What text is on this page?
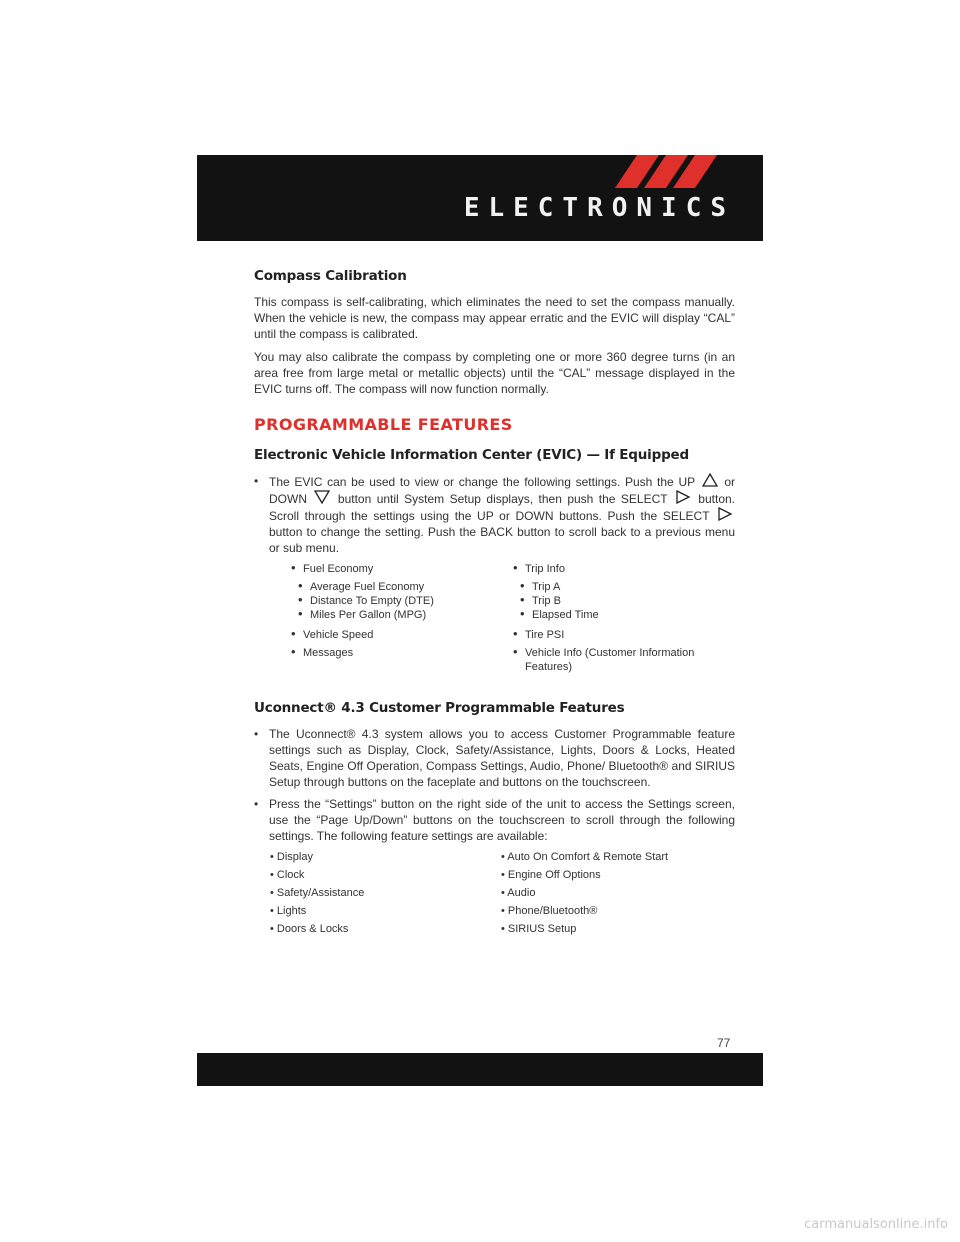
ELECTRONICS
Compass Calibration

This compass is self-calibrating, which eliminates the need to set the compass manually. When the vehicle is new, the compass may appear erratic and the EVIC will display “CAL” until the compass is calibrated.

You may also calibrate the compass by completing one or more 360 degree turns (in an area free from large metal or metallic objects) until the “CAL” message displayed in the EVIC turns off. The compass will now function normally.

PROGRAMMABLE FEATURES
Electronic Vehicle Information Center (EVIC) — If Equipped
• The EVIC can be used to view or change the following settings. Push the UP or DOWN	button until System Setup displays, then push the SELECT	button. Scroll through the settings using the UP or DOWN buttons. Push the SELECT  button to change the setting. Push the BACK button to scroll back to a previous menu or sub menu.
• Fuel Economy
• Average Fuel Economy
• Distance To Empty (DTE)
• Miles Per Gallon (MPG)
• Vehicle Speed
• Messages
• Trip Info
• Trip A
• Trip B
• Elapsed Time
• Tire PSI
• Vehicle Info (Customer Information Features)
Uconnect® 4.3 Customer Programmable Features
• The Uconnect® 4.3 system allows you to access Customer Programmable feature settings such as Display, Clock, Safety/Assistance, Lights, Doors & Locks, Heated Seats, Engine Off Operation, Compass Settings, Audio, Phone/ Bluetooth® and SIRIUS Setup through buttons on the faceplate and buttons on the touchscreen.
• Press the “Settings” button on the right side of the unit to access the Settings screen, use the “Page Up/Down” buttons on the touchscreen to scroll through the following settings. The following feature settings are available:
• Display	• Auto On Comfort & Remote Start
• Clock	• Engine Off Options
• Safety/Assistance	• Audio
• Lights	• Phone/Bluetooth®
• Doors & Locks	• SIRIUS Setup
77
carmanualsonline.info
